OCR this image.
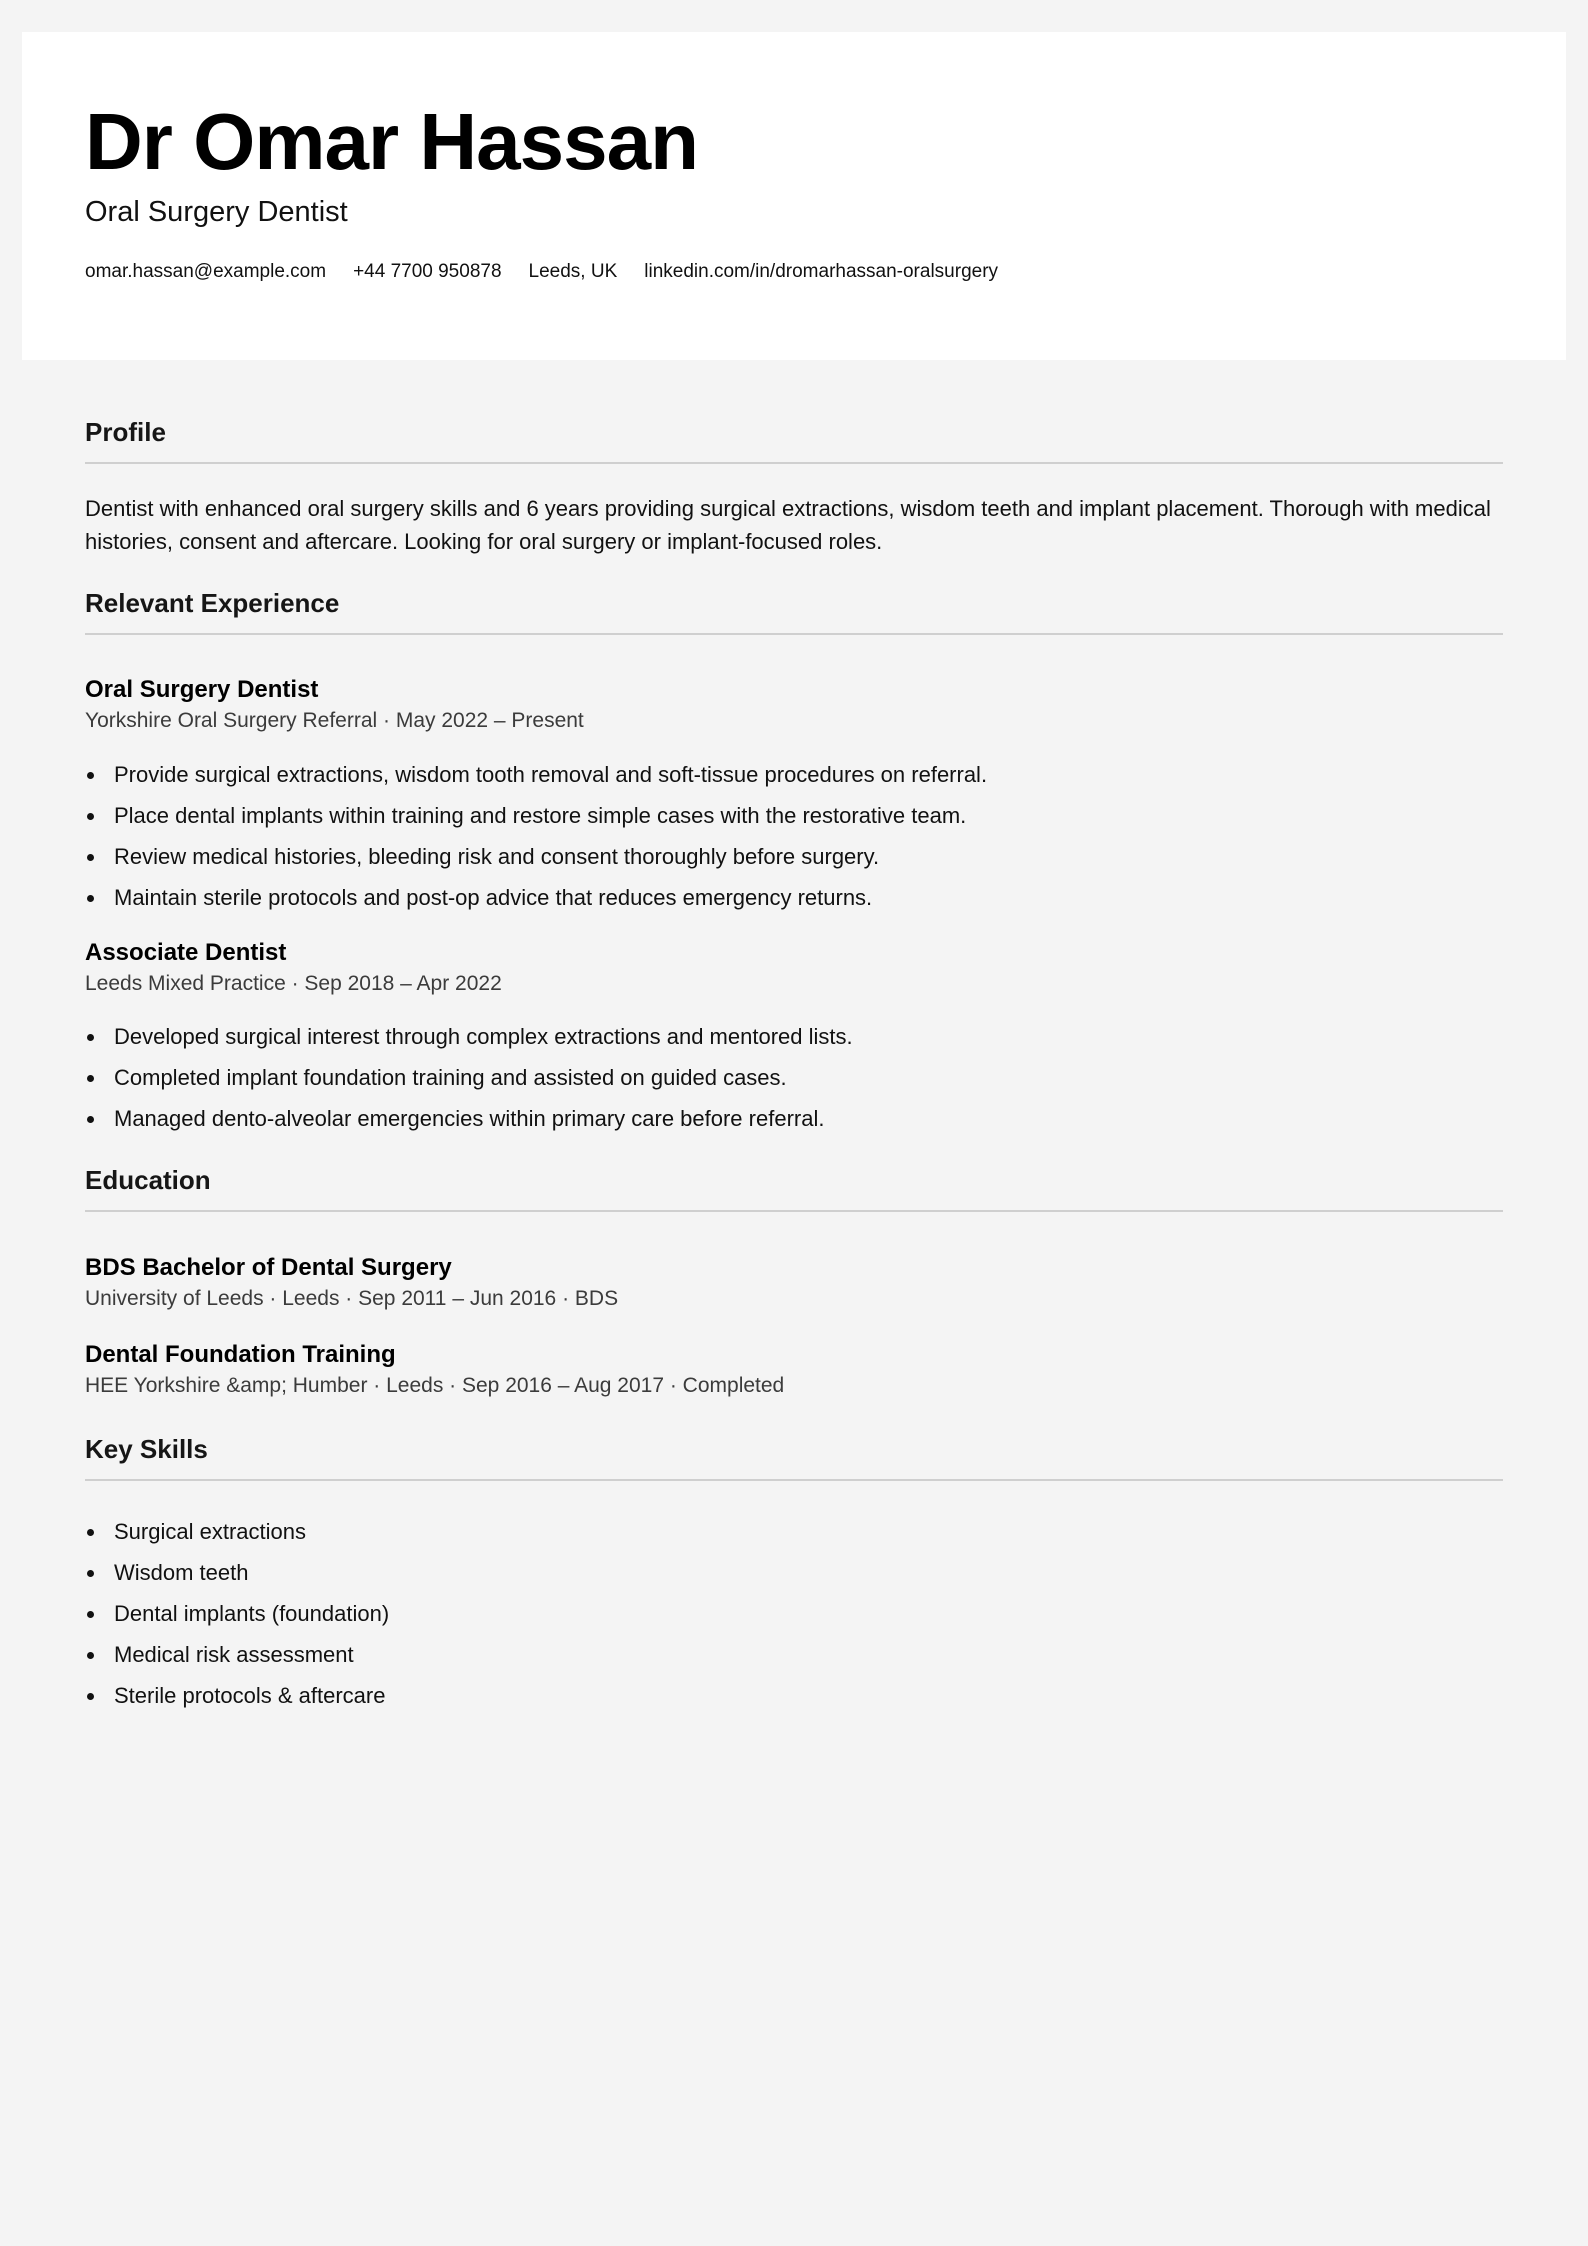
Dr Omar Hassan
Oral Surgery Dentist
omar.hassan@example.com +44 7700 950878 Leeds, UK linkedin.com/in/dromarhassan-oralsurgery
Profile

Dentist with enhanced oral surgery skills and 6 years providing surgical extractions, wisdom teeth and implant placement. Thorough with medical histories, consent and aftercare. Looking for oral surgery or implant-focused roles.

Relevant Experience
Oral Surgery Dentist
Yorkshire Oral Surgery Referral · May 2022 – Present
Provide surgical extractions, wisdom tooth removal and soft-tissue procedures on referral.
Place dental implants within training and restore simple cases with the restorative team.
Review medical histories, bleeding risk and consent thoroughly before surgery.
Maintain sterile protocols and post-op advice that reduces emergency returns.
Associate Dentist
Leeds Mixed Practice · Sep 2018 – Apr 2022
Developed surgical interest through complex extractions and mentored lists.
Completed implant foundation training and assisted on guided cases.
Managed dento-alveolar emergencies within primary care before referral.
Education
BDS Bachelor of Dental Surgery
University of Leeds · Leeds · Sep 2011 – Jun 2016 · BDS
Dental Foundation Training
HEE Yorkshire &amp; Humber · Leeds · Sep 2016 – Aug 2017 · Completed
Key Skills
Surgical extractions
Wisdom teeth
Dental implants (foundation)
Medical risk assessment
Sterile protocols & aftercare
